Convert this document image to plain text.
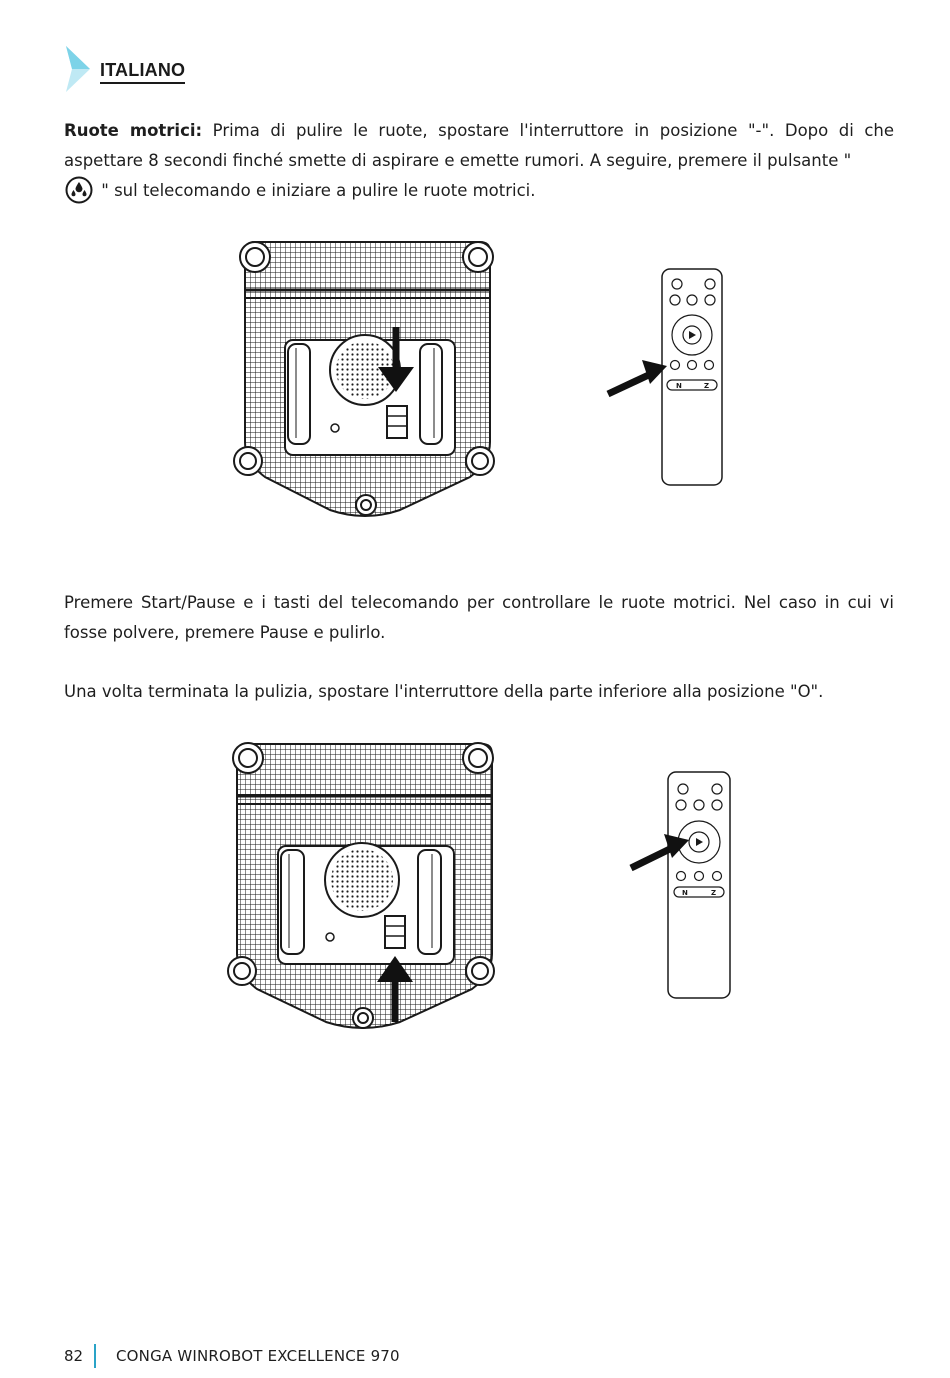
ITALIANO
Ruote motrici: Prima di pulire le ruote, spostare l'interruttore in posizione "-". Dopo di che aspettare 8 secondi finché smette di aspirare e emette rumori. A seguire, premere il pulsante "
" sul telecomando e iniziare a pulire le ruote motrici.
N	Z
Premere Start/Pause e i tasti del telecomando per controllare le ruote motrici. Nel caso in cui vi fosse polvere, premere Pause e pulirlo.
Una volta terminata la pulizia, spostare l'interruttore della parte inferiore alla posizione "O".
N	Z
82 CONGA WINROBOT EXCELLENCE 970
